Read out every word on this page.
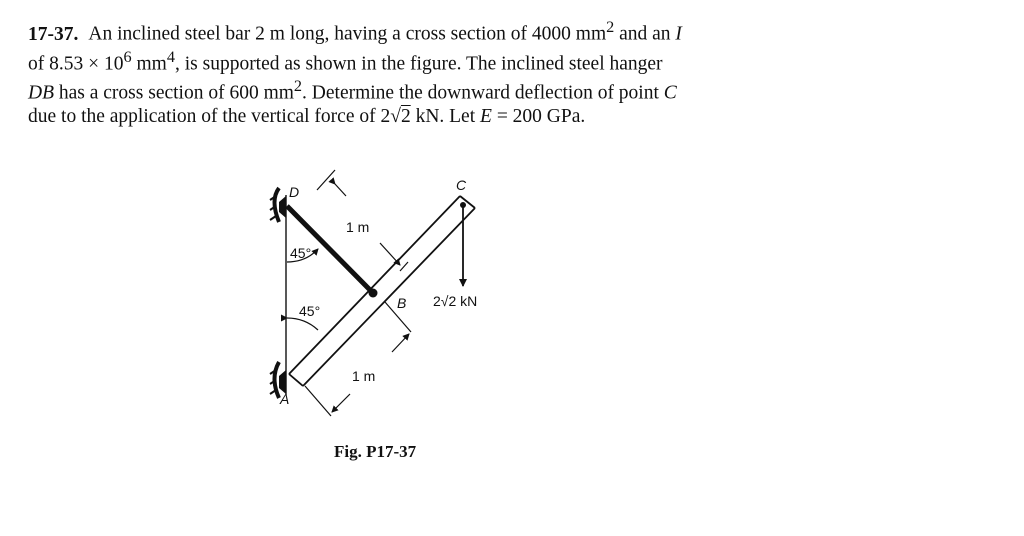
17-37. An inclined steel bar 2 m long, having a cross section of 4000 $mm^2$ and an I
of $8.53 \times 10^6$ $mm^4$, is supported as shown in the figure. The inclined steel hanger
DB has a cross section of 600 $mm^2$. Determine the downward deflection of point C
due to the application of the vertical force of 2√2 kN. Let E = 200 GPa.
D	C
A
B
1 m
1 m
45°
45°
2√2 kN
Fig. P17-37
